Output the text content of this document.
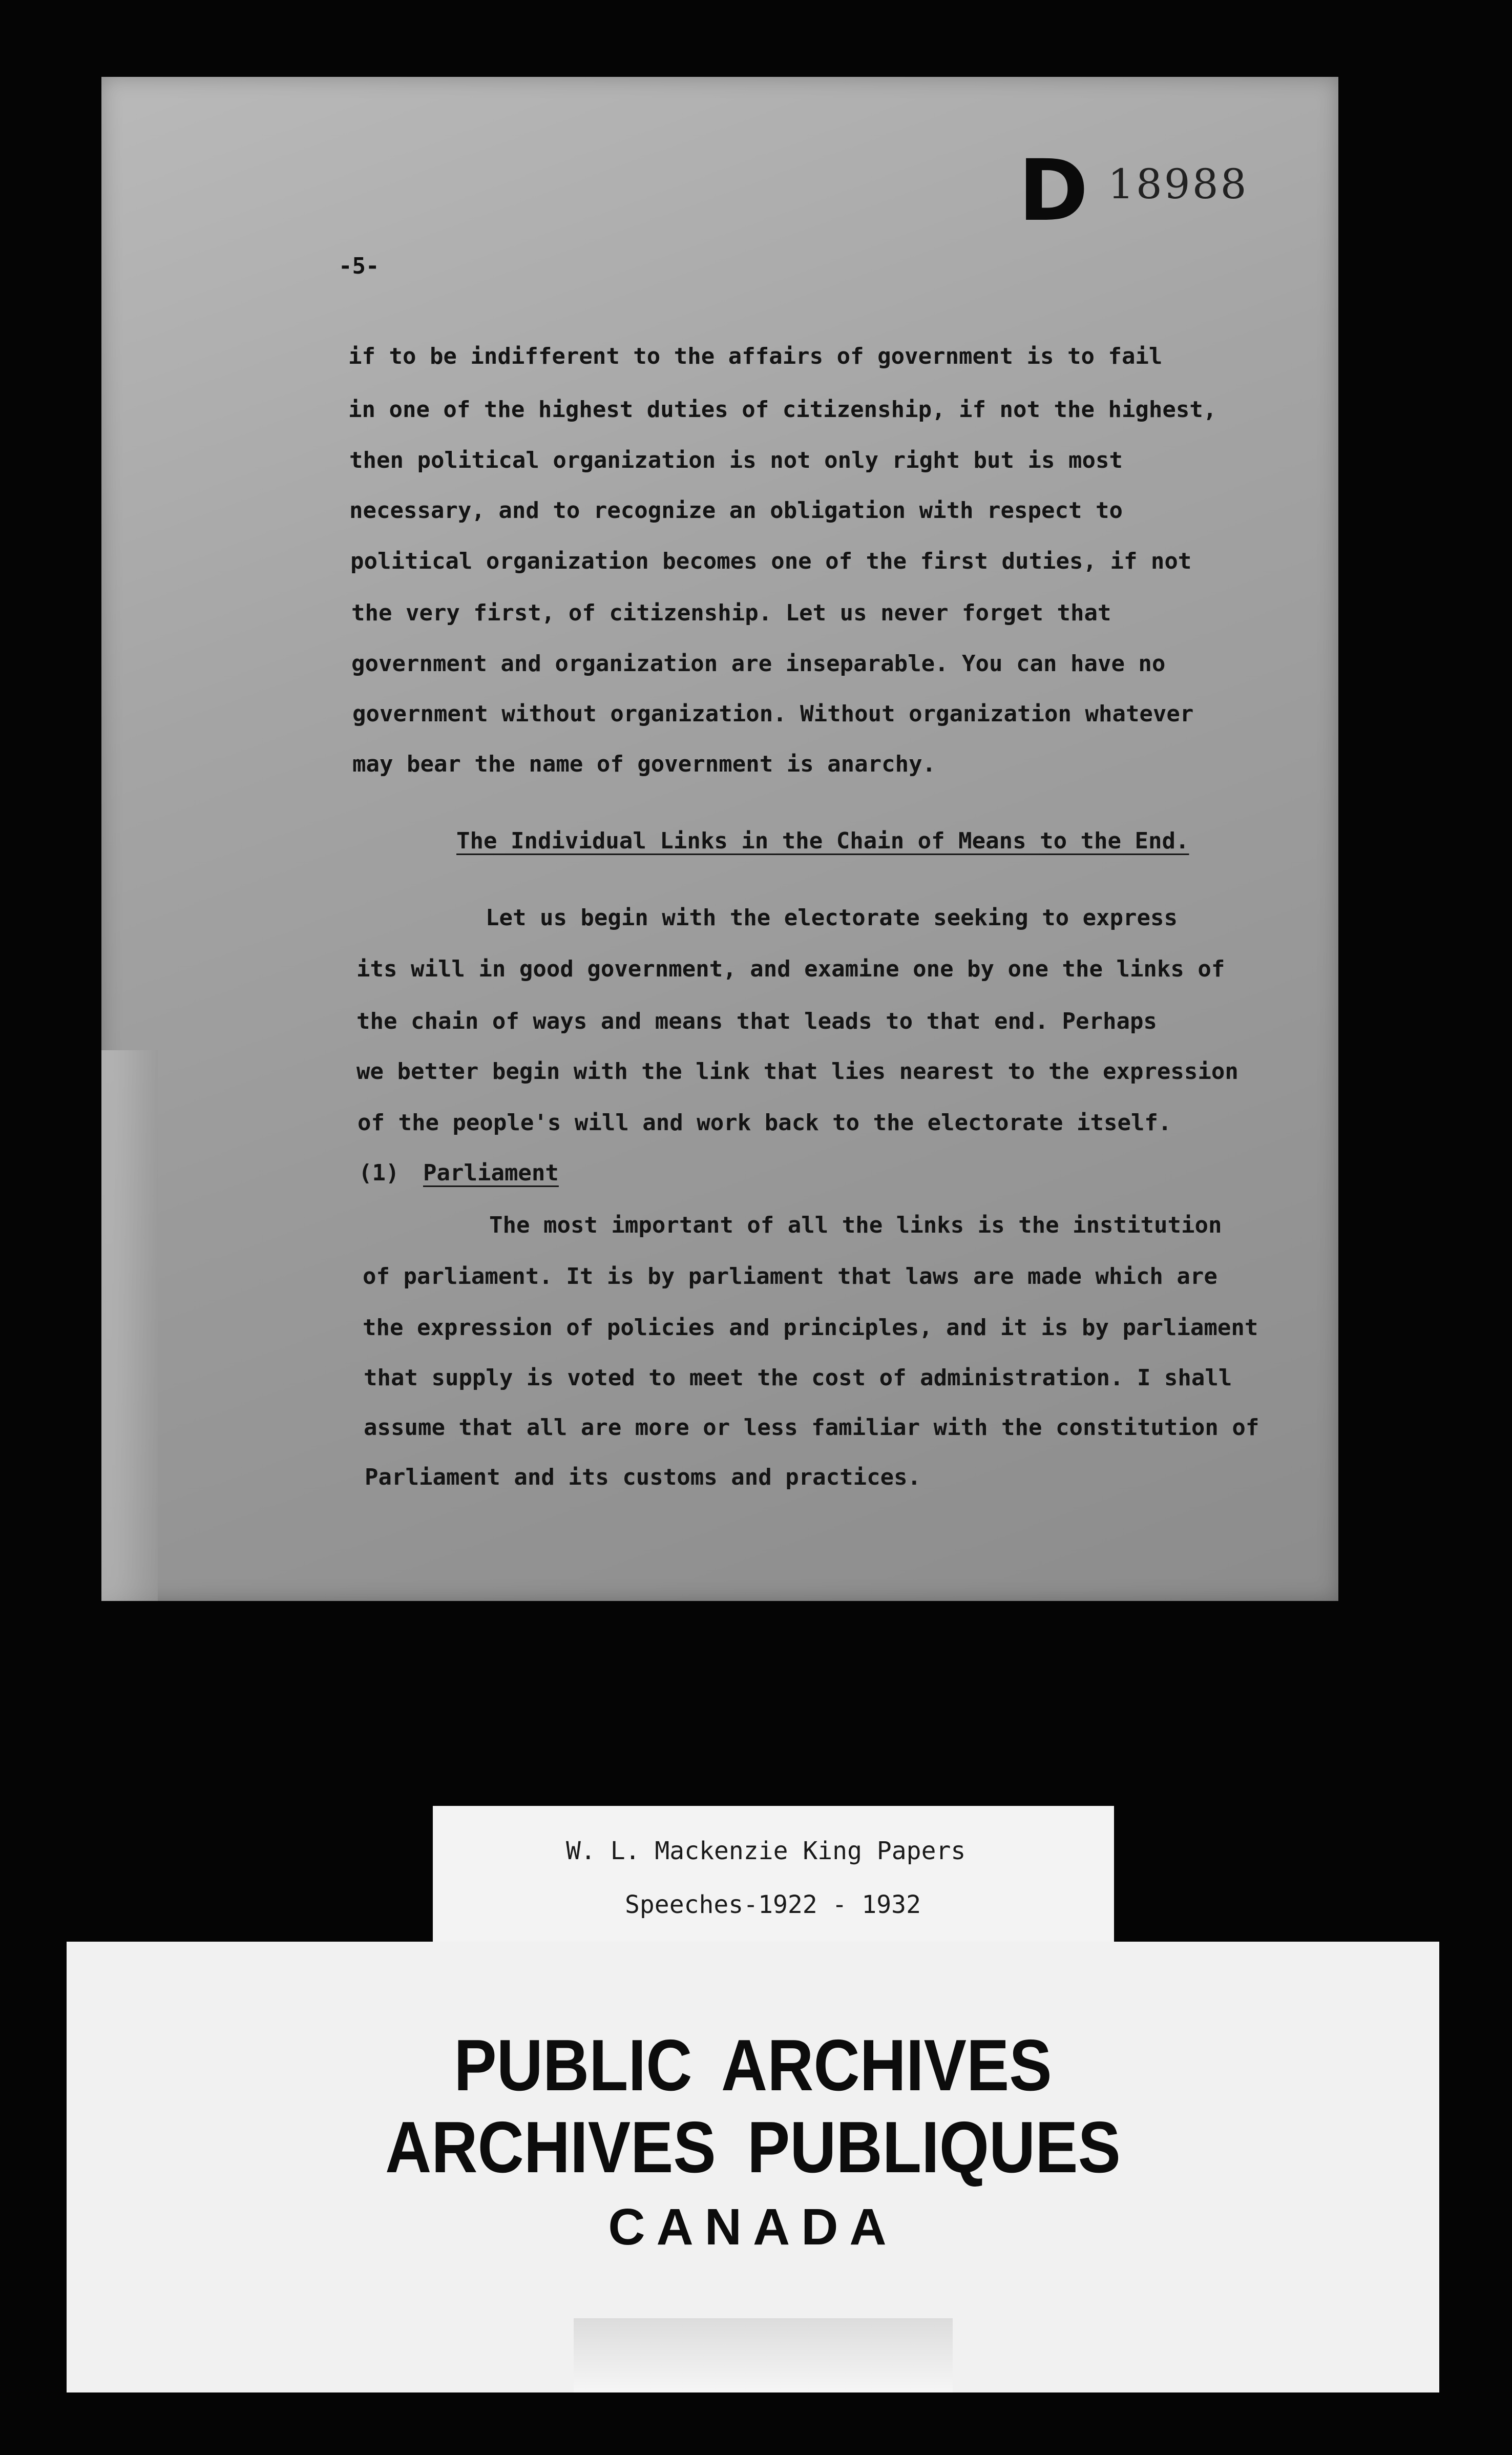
D 18988
-5-
if to be indifferent to the affairs of government is to fail
in one of the highest duties of citizenship, if not the highest,
then political organization is not only right but is most
necessary, and to recognize an obligation with respect to
political organization becomes one of the first duties, if not
the very first, of citizenship. Let us never forget that
government and organization are inseparable. You can have no
government without organization. Without organization whatever
may bear the name of government is anarchy.
The Individual Links in the Chain of Means to the End.
Let us begin with the electorate seeking to express
its will in good government, and examine one by one the links of
the chain of ways and means that leads to that end. Perhaps
we better begin with the link that lies nearest to the expression
of the people's will and work back to the electorate itself.
(1) Parliament
The most important of all the links is the institution
of parliament. It is by parliament that laws are made which are
the expression of policies and principles, and it is by parliament
that supply is voted to meet the cost of administration. I shall
assume that all are more or less familiar with the constitution of
Parliament and its customs and practices.
W. L. Mackenzie King Papers
Speeches-1922 - 1932
PUBLIC ARCHIVES
ARCHIVES PUBLIQUES
CANADA
